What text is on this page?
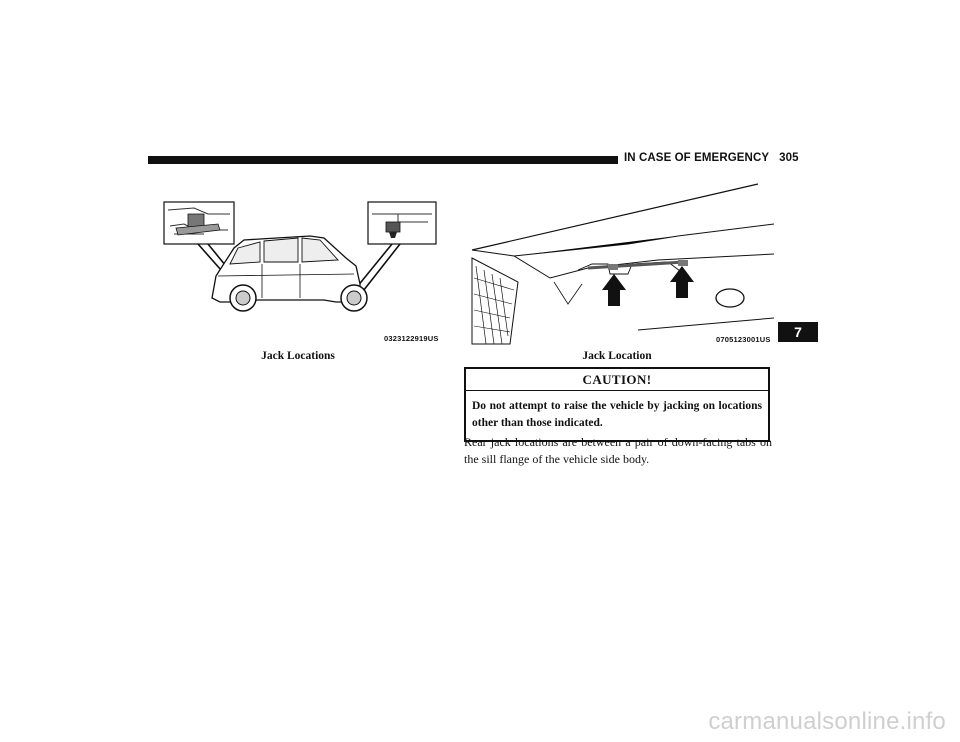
IN CASE OF EMERGENCY 305
0323122919US
Jack Locations
0705123001US
Jack Location
7
CAUTION!
Do not attempt to raise the vehicle by jacking on locations other than those indicated.
Rear jack locations are between a pair of down-facing tabs on the sill flange of the vehicle side body.
carmanualsonline.info
